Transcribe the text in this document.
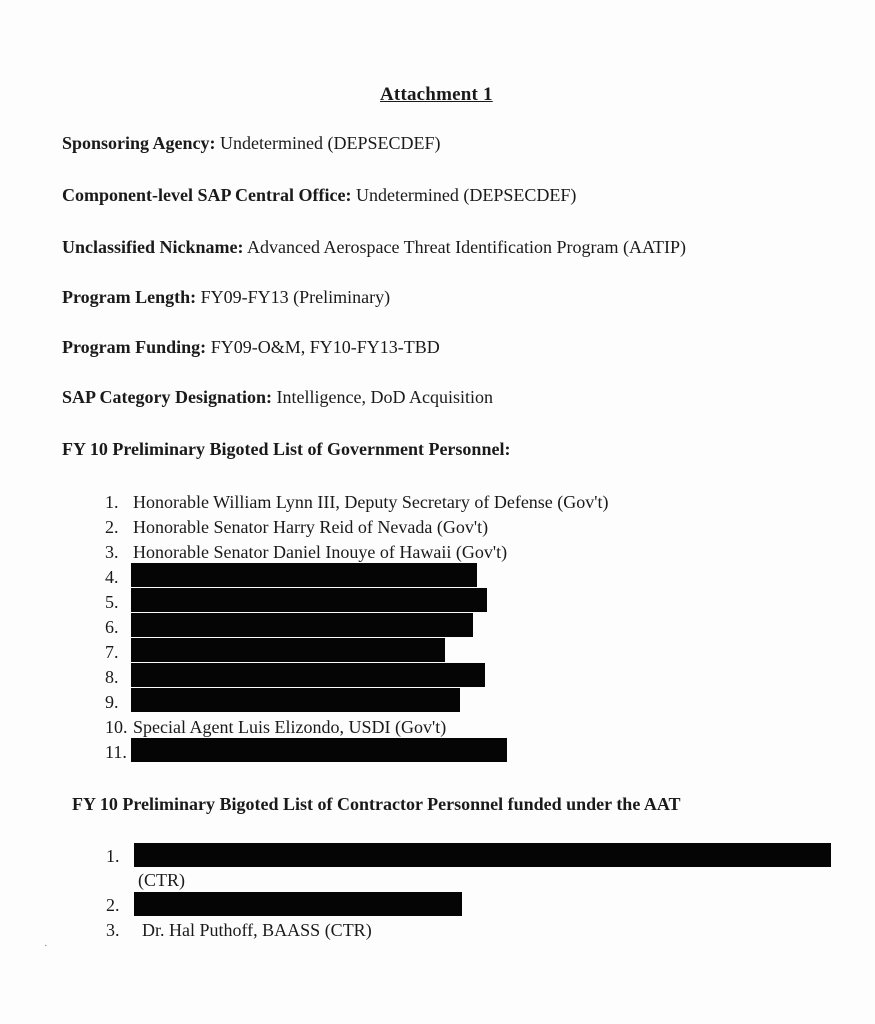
Attachment 1
Sponsoring Agency: Undetermined (DEPSECDEF)
Component-level SAP Central Office: Undetermined (DEPSECDEF)
Unclassified Nickname: Advanced Aerospace Threat Identification Program (AATIP)
Program Length: FY09-FY13 (Preliminary)
Program Funding: FY09-O&M, FY10-FY13-TBD
SAP Category Designation: Intelligence, DoD Acquisition
FY 10 Preliminary Bigoted List of Government Personnel:
1. Honorable William Lynn III, Deputy Secretary of Defense (Gov't)
2. Honorable Senator Harry Reid of Nevada (Gov't)
3. Honorable Senator Daniel Inouye of Hawaii (Gov't)
4.
5.
6.
7.
8.
9.
10. Special Agent Luis Elizondo, USDI (Gov't)
11.
FY 10 Preliminary Bigoted List of Contractor Personnel funded under the AAT
1.
(CTR)
2.
3. Dr. Hal Puthoff, BAASS (CTR)
·
